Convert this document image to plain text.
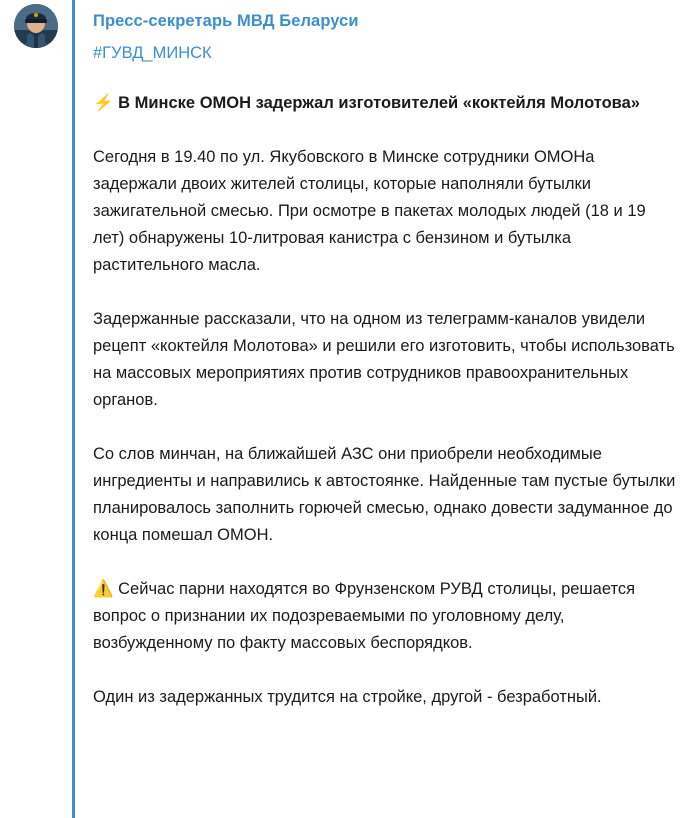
Пресс-секретарь МВД Беларуси
#ГУВД_МИНСК

⚡ В Минске ОМОН задержал изготовителей «коктейля Молотова»

Сегодня в 19.40 по ул. Якубовского в Минске сотрудники ОМОНа задержали двоих жителей столицы, которые наполняли бутылки зажигательной смесью. При осмотре в пакетах молодых людей (18 и 19 лет) обнаружены 10-литровая канистра с бензином и бутылка растительного масла.

Задержанные рассказали, что на одном из телеграмм-каналов увидели рецепт «коктейля Молотова» и решили его изготовить, чтобы использовать на массовых мероприятиях против сотрудников правоохранительных органов.

Со слов минчан, на ближайшей АЗС они приобрели необходимые ингредиенты и направились к автостоянке. Найденные там пустые бутылки планировалось заполнить горючей смесью, однако довести задуманное до конца помешал ОМОН.

⚠️ Сейчас парни находятся во Фрунзенском РУВД столицы, решается вопрос о признании их подозреваемыми по уголовному делу, возбужденному по факту массовых беспорядков.

Один из задержанных трудится на стройке, другой - безработный.
